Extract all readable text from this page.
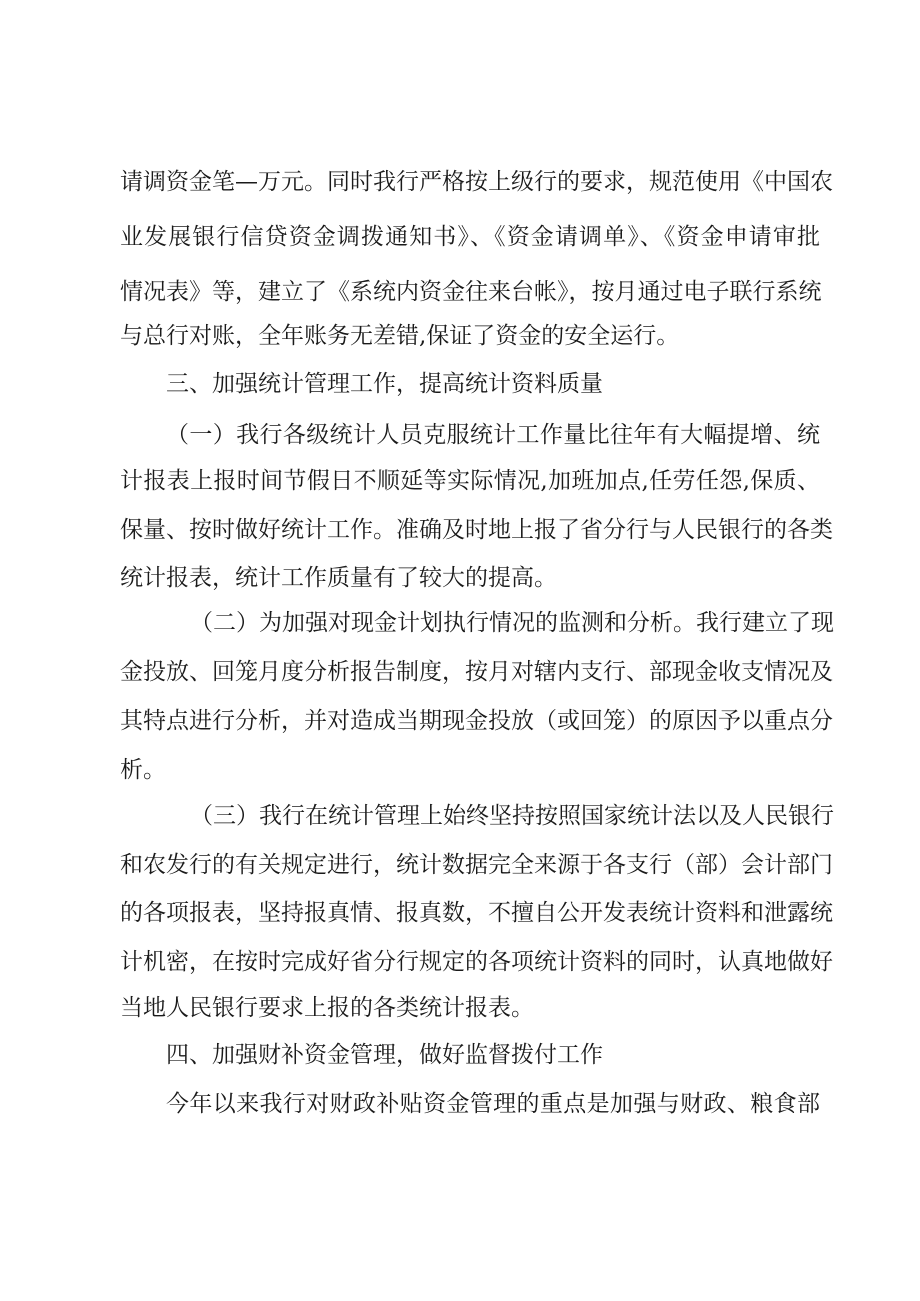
请调资金笔—万元。同时我行严格按上级行的要求，规范使用《中国农
业发展银行信贷资金调拨通知书》、《资金请调单》、《资金申请审批
情况表》等，建立了《系统内资金往来台帐》，按月通过电子联行系统
与总行对账，全年账务无差错,保证了资金的安全运行。
三、加强统计管理工作，提高统计资料质量
（一）我行各级统计人员克服统计工作量比往年有大幅提增、统
计报表上报时间节假日不顺延等实际情况,加班加点,任劳任怨,保质、
保量、按时做好统计工作。准确及时地上报了省分行与人民银行的各类
统计报表，统计工作质量有了较大的提高。
（二）为加强对现金计划执行情况的监测和分析。我行建立了现
金投放、回笼月度分析报告制度，按月对辖内支行、部现金收支情况及
其特点进行分析，并对造成当期现金投放（或回笼）的原因予以重点分
析。
（三）我行在统计管理上始终坚持按照国家统计法以及人民银行
和农发行的有关规定进行，统计数据完全来源于各支行（部）会计部门
的各项报表，坚持报真情、报真数，不擅自公开发表统计资料和泄露统
计机密，在按时完成好省分行规定的各项统计资料的同时，认真地做好
当地人民银行要求上报的各类统计报表。
四、加强财补资金管理，做好监督拨付工作
今年以来我行对财政补贴资金管理的重点是加强与财政、粮食部
